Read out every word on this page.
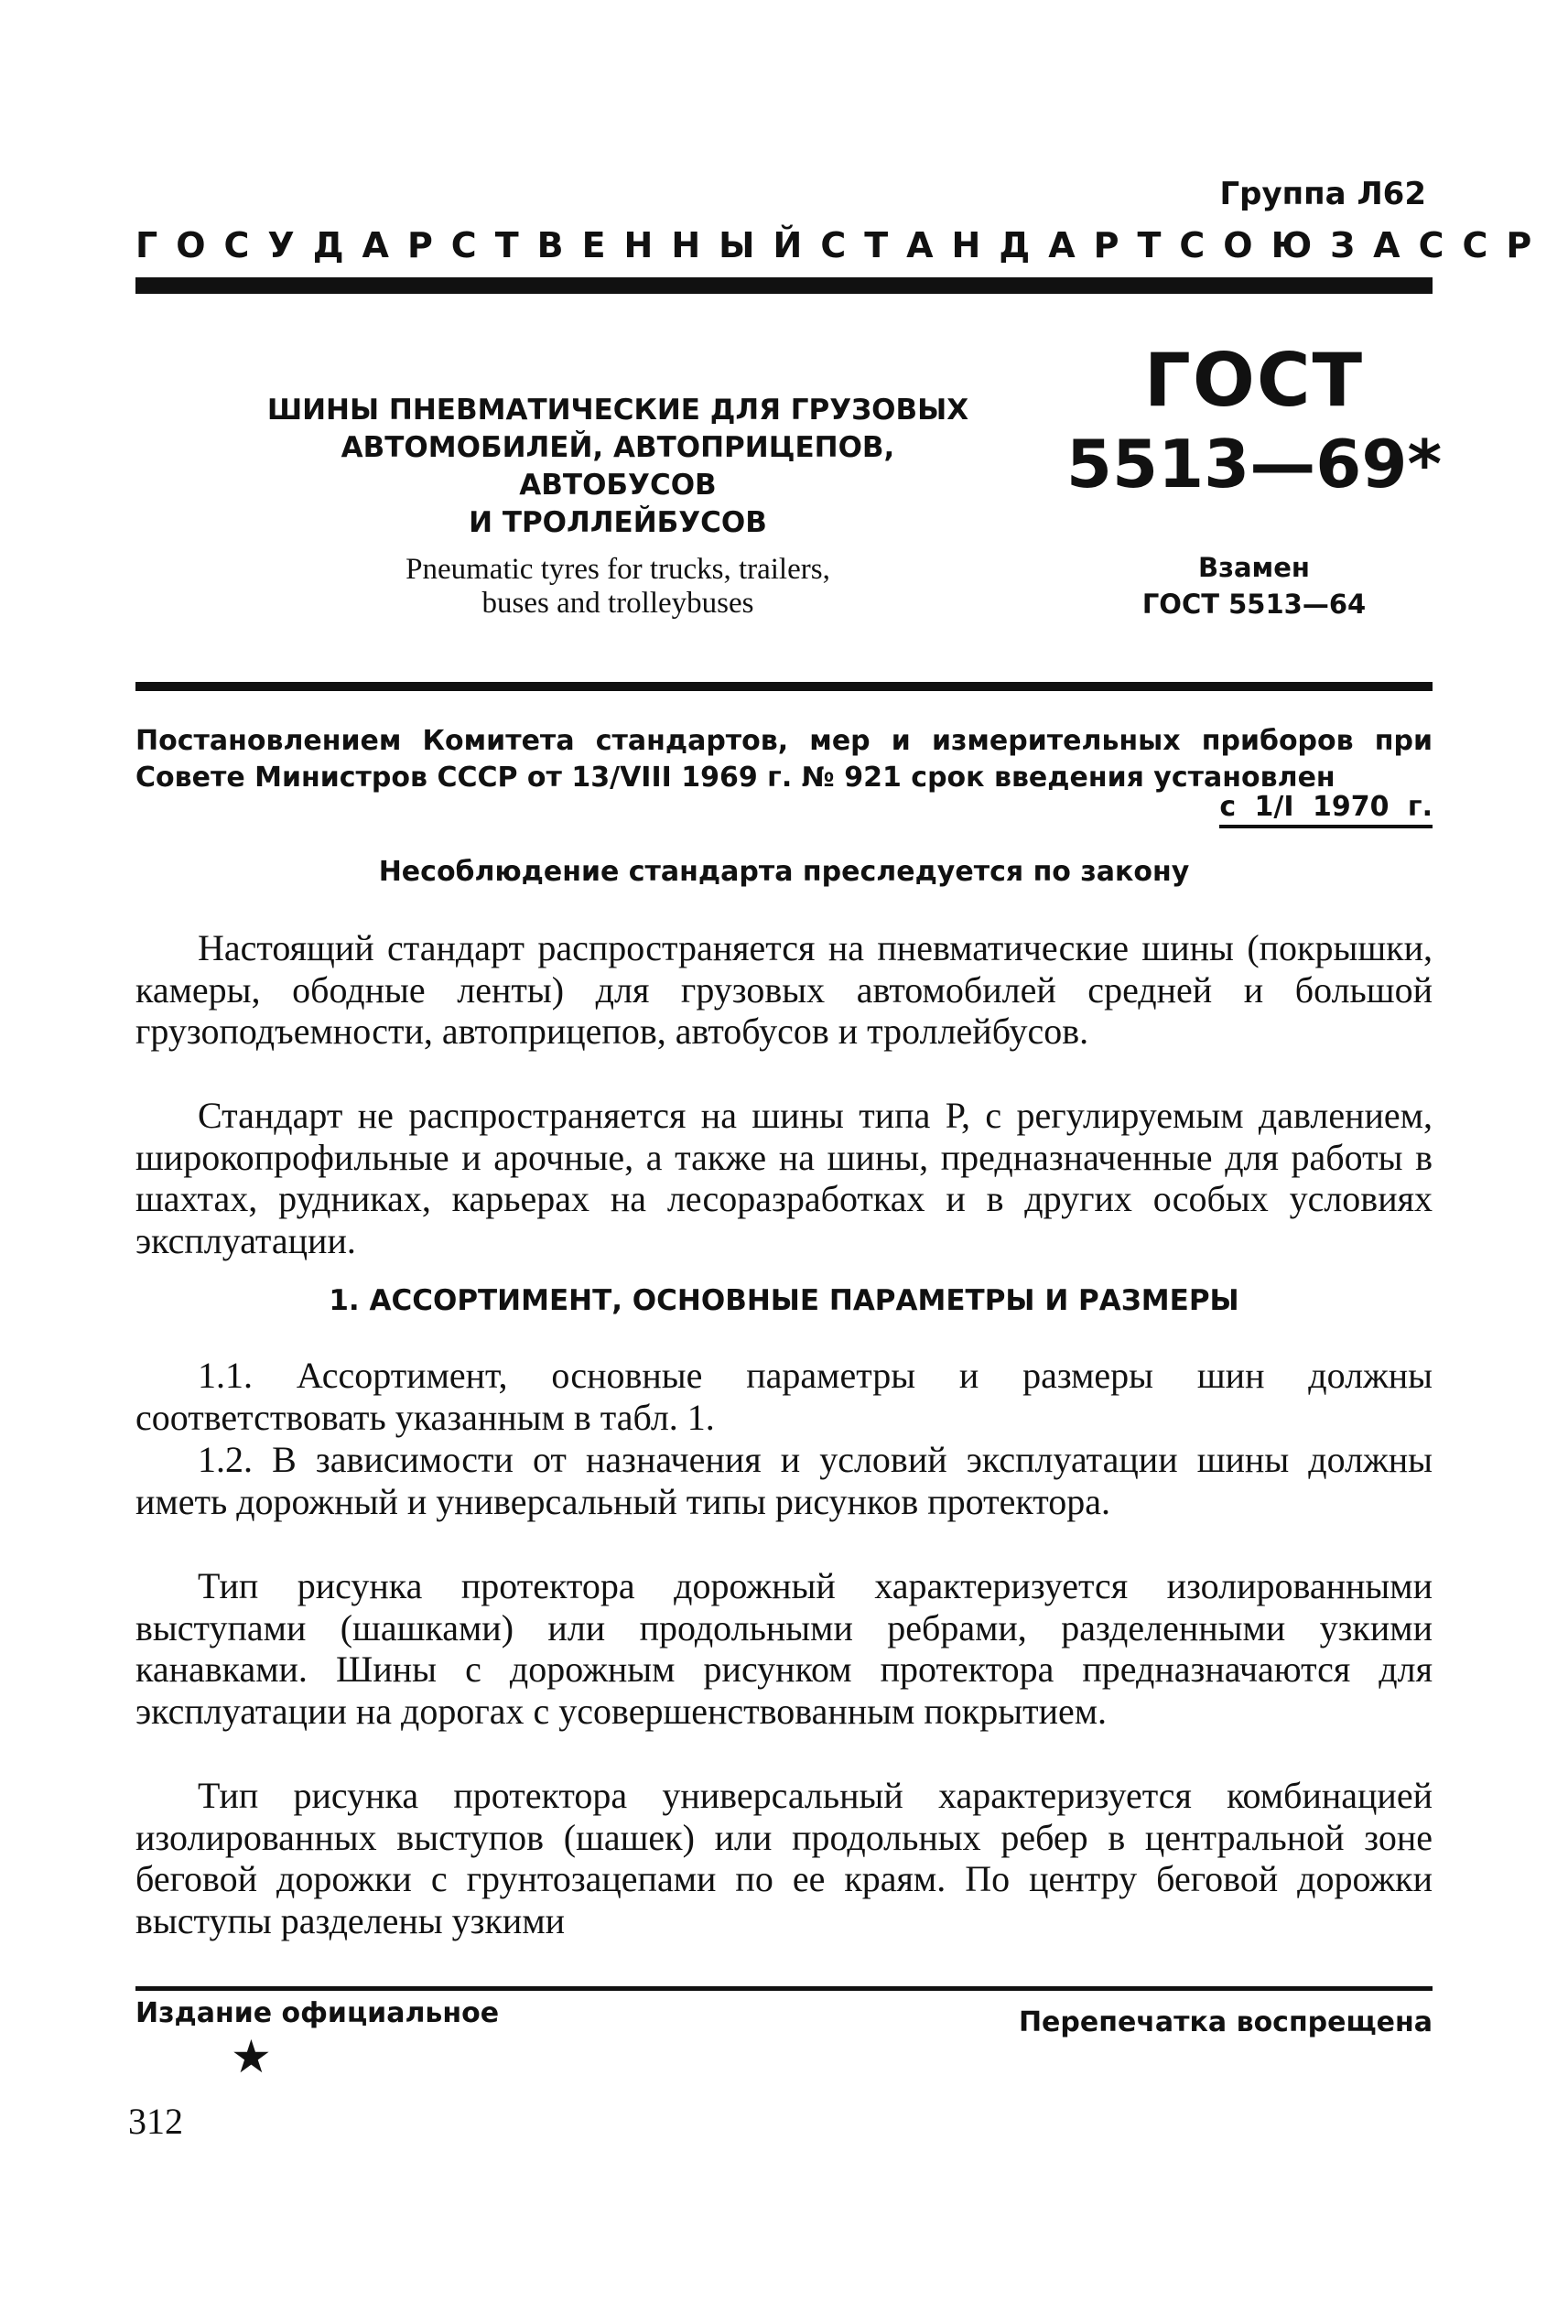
Группа Л62
ГОСУДАРСТВЕННЫЙ СТАНДАРТ СОЮЗА ССР
ШИНЫ ПНЕВМАТИЧЕСКИЕ ДЛЯ ГРУЗОВЫХ
АВТОМОБИЛЕЙ, АВТОПРИЦЕПОВ, АВТОБУСОВ
И ТРОЛЛЕЙБУСОВ
Pneumatic tyres for trucks, trailers,
buses and trolleybuses
ГОСТ
5513—69*
Взамен
ГОСТ 5513—64
Постановлением Комитета стандартов, мер и измерительных приборов при Совете Министров СССР от 13/VIII 1969 г. № 921 срок введения установлен
с 1/I 1970 г.
Несоблюдение стандарта преследуется по закону
Настоящий стандарт распространяется на пневматические шины (покрышки, камеры, ободные ленты) для грузовых автомобилей средней и большой грузоподъемности, автоприцепов, автобусов и троллейбусов.
Стандарт не распространяется на шины типа Р, с регулируемым давлением, широкопрофильные и арочные, а также на шины, предназначенные для работы в шахтах, рудниках, карьерах на лесоразработках и в других особых условиях эксплуатации.
1. АССОРТИМЕНТ, ОСНОВНЫЕ ПАРАМЕТРЫ И РАЗМЕРЫ
1.1. Ассортимент, основные параметры и размеры шин должны соответствовать указанным в табл. 1.
1.2. В зависимости от назначения и условий эксплуатации шины должны иметь дорожный и универсальный типы рисунков протектора.
Тип рисунка протектора дорожный характеризуется изолированными выступами (шашками) или продольными ребрами, разделенными узкими канавками. Шины с дорожным рисунком протектора предназначаются для эксплуатации на дорогах с усовершенствованным покрытием.
Тип рисунка протектора универсальный характеризуется комбинацией изолированных выступов (шашек) или продольных ребер в центральной зоне беговой дорожки с грунтозацепами по ее краям. По центру беговой дорожки выступы разделены узкими
Издание официальное	Перепечатка воспрещена
★
312
